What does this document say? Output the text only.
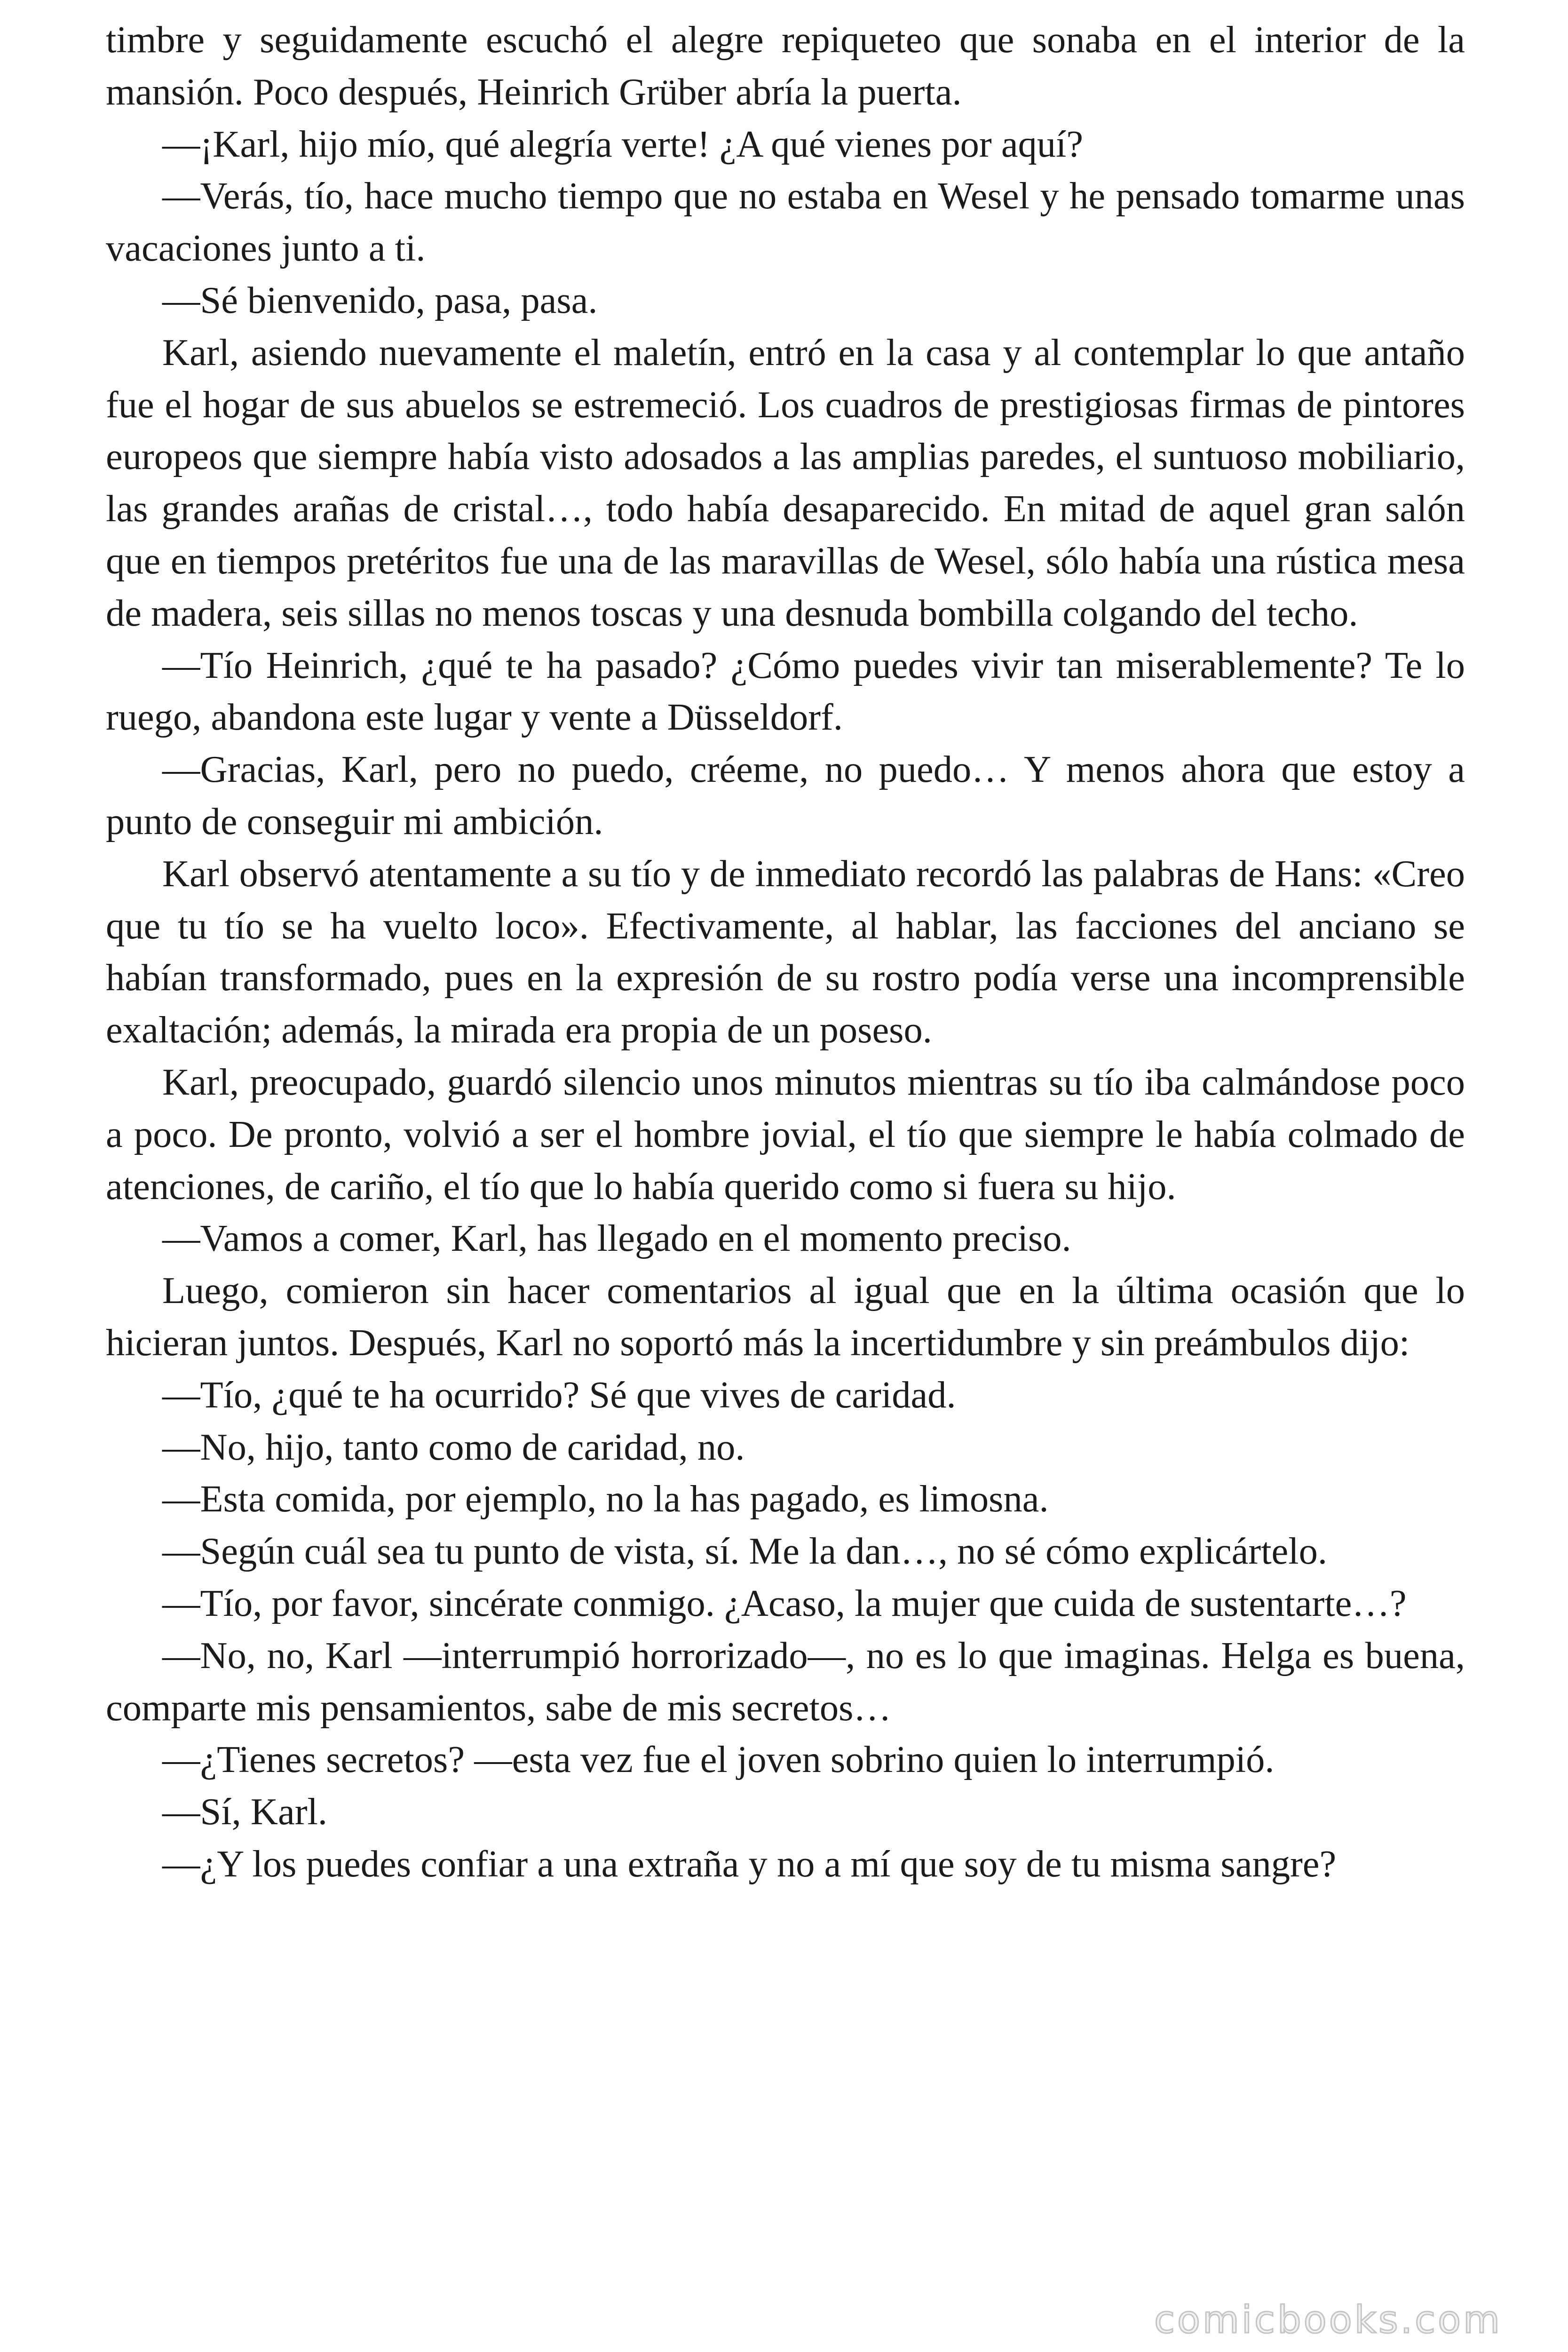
timbre y seguidamente escuchó el alegre repiqueteo que sonaba en el interior de la mansión. Poco después, Heinrich Grüber abría la puerta.

—¡Karl, hijo mío, qué alegría verte! ¿A qué vienes por aquí?

—Verás, tío, hace mucho tiempo que no estaba en Wesel y he pensado tomarme unas vacaciones junto a ti.

—Sé bienvenido, pasa, pasa.

Karl, asiendo nuevamente el maletín, entró en la casa y al contemplar lo que antaño fue el hogar de sus abuelos se estremeció. Los cuadros de prestigiosas firmas de pintores europeos que siempre había visto adosados a las amplias paredes, el suntuoso mobiliario, las grandes arañas de cristal…, todo había desaparecido. En mitad de aquel gran salón que en tiempos pretéritos fue una de las maravillas de Wesel, sólo había una rústica mesa de madera, seis sillas no menos toscas y una desnuda bombilla colgando del techo.

—Tío Heinrich, ¿qué te ha pasado? ¿Cómo puedes vivir tan miserablemente? Te lo ruego, abandona este lugar y vente a Düsseldorf.

—Gracias, Karl, pero no puedo, créeme, no puedo… Y menos ahora que estoy a punto de conseguir mi ambición.

Karl observó atentamente a su tío y de inmediato recordó las palabras de Hans: «Creo que tu tío se ha vuelto loco». Efectivamente, al hablar, las facciones del anciano se habían transformado, pues en la expresión de su rostro podía verse una incomprensible exaltación; además, la mirada era propia de un poseso.

Karl, preocupado, guardó silencio unos minutos mientras su tío iba calmándose poco a poco. De pronto, volvió a ser el hombre jovial, el tío que siempre le había colmado de atenciones, de cariño, el tío que lo había querido como si fuera su hijo.

—Vamos a comer, Karl, has llegado en el momento preciso.

Luego, comieron sin hacer comentarios al igual que en la última ocasión que lo hicieran juntos. Después, Karl no soportó más la incertidumbre y sin preámbulos dijo:

—Tío, ¿qué te ha ocurrido? Sé que vives de caridad.

—No, hijo, tanto como de caridad, no.

—Esta comida, por ejemplo, no la has pagado, es limosna.

—Según cuál sea tu punto de vista, sí. Me la dan…, no sé cómo explicártelo.

—Tío, por favor, sincérate conmigo. ¿Acaso, la mujer que cuida de sustentarte…?

—No, no, Karl —interrumpió horrorizado—, no es lo que imaginas. Helga es buena, comparte mis pensamientos, sabe de mis secretos…

—¿Tienes secretos? —esta vez fue el joven sobrino quien lo interrumpió.

—Sí, Karl.

—¿Y los puedes confiar a una extraña y no a mí que soy de tu misma sangre?

comicbooks.com
